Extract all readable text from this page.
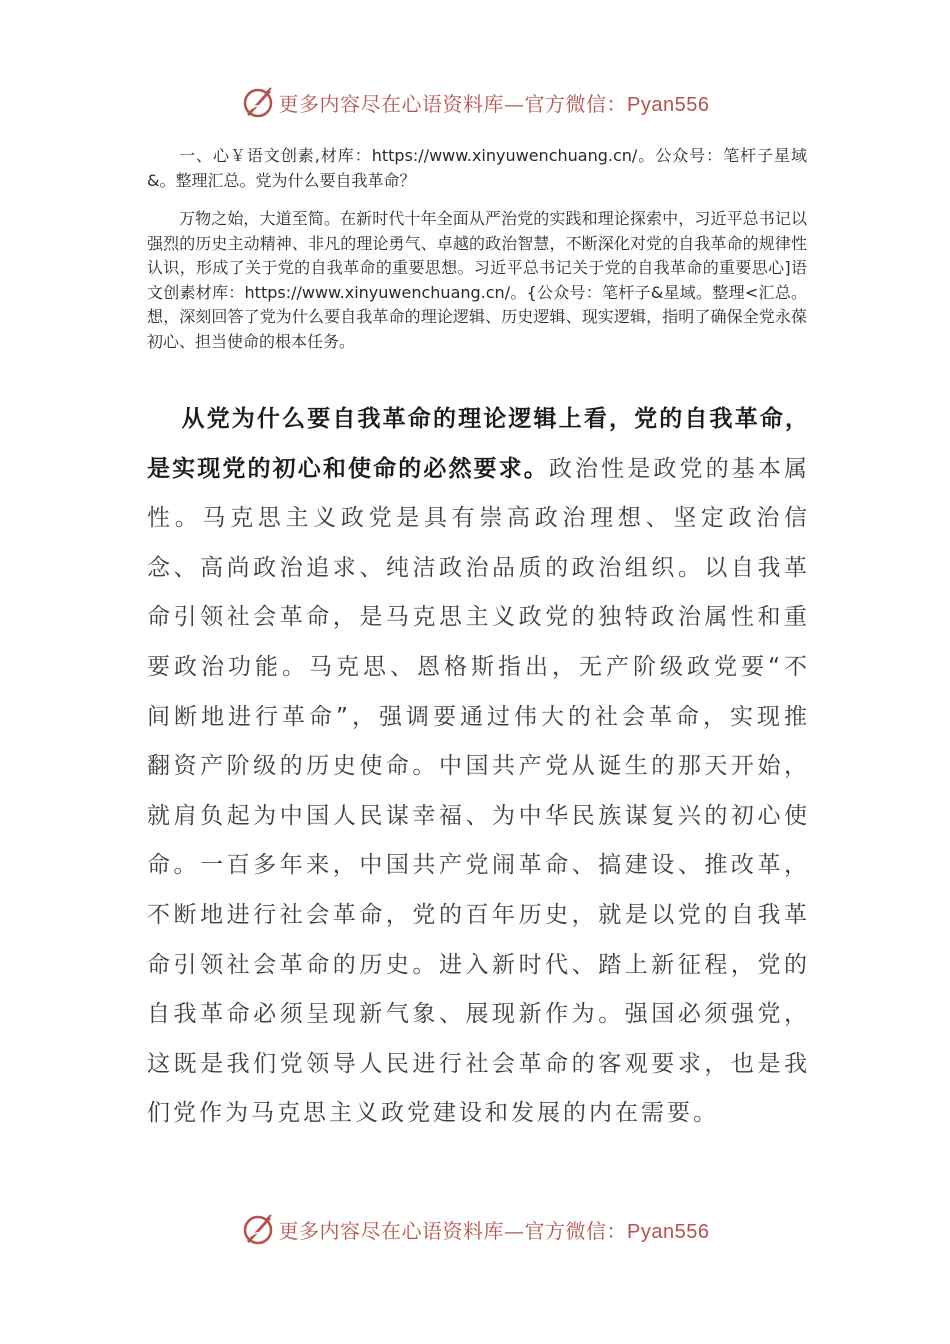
更多内容尽在心语资料库—官方微信：Pyan556
一、心￥语文创素,材库：https://www.xinyuwenchuang.cn/。公众号：笔杆子星域&。整理汇总。党为什么要自我革命？
万物之始，大道至简。在新时代十年全面从严治党的实践和理论探索中，习近平总书记以强烈的历史主动精神、非凡的理论勇气、卓越的政治智慧，不断深化对党的自我革命的规律性认识，形成了关于党的自我革命的重要思想。习近平总书记关于党的自我革命的重要思心]语文创素材库：https://www.xinyuwenchuang.cn/。{公众号：笔杆子&星域。整理<汇总。想，深刻回答了党为什么要自我革命的理论逻辑、历史逻辑、现实逻辑，指明了确保全党永葆初心、担当使命的根本任务。
从党为什么要自我革命的理论逻辑上看，党的自我革命，是实现党的初心和使命的必然要求。政治性是政党的基本属性。马克思主义政党是具有崇高政治理想、坚定政治信念、高尚政治追求、纯洁政治品质的政治组织。以自我革命引领社会革命，是马克思主义政党的独特政治属性和重要政治功能。马克思、恩格斯指出，无产阶级政党要“不间断地进行革命”，强调要通过伟大的社会革命，实现推翻资产阶级的历史使命。中国共产党从诞生的那天开始，就肩负起为中国人民谋幸福、为中华民族谋复兴的初心使命。一百多年来，中国共产党闹革命、搞建设、推改革，不断地进行社会革命，党的百年历史，就是以党的自我革命引领社会革命的历史。进入新时代、踏上新征程，党的自我革命必须呈现新气象、展现新作为。强国必须强党，这既是我们党领导人民进行社会革命的客观要求，也是我们党作为马克思主义政党建设和发展的内在需要。
更多内容尽在心语资料库—官方微信：Pyan556
